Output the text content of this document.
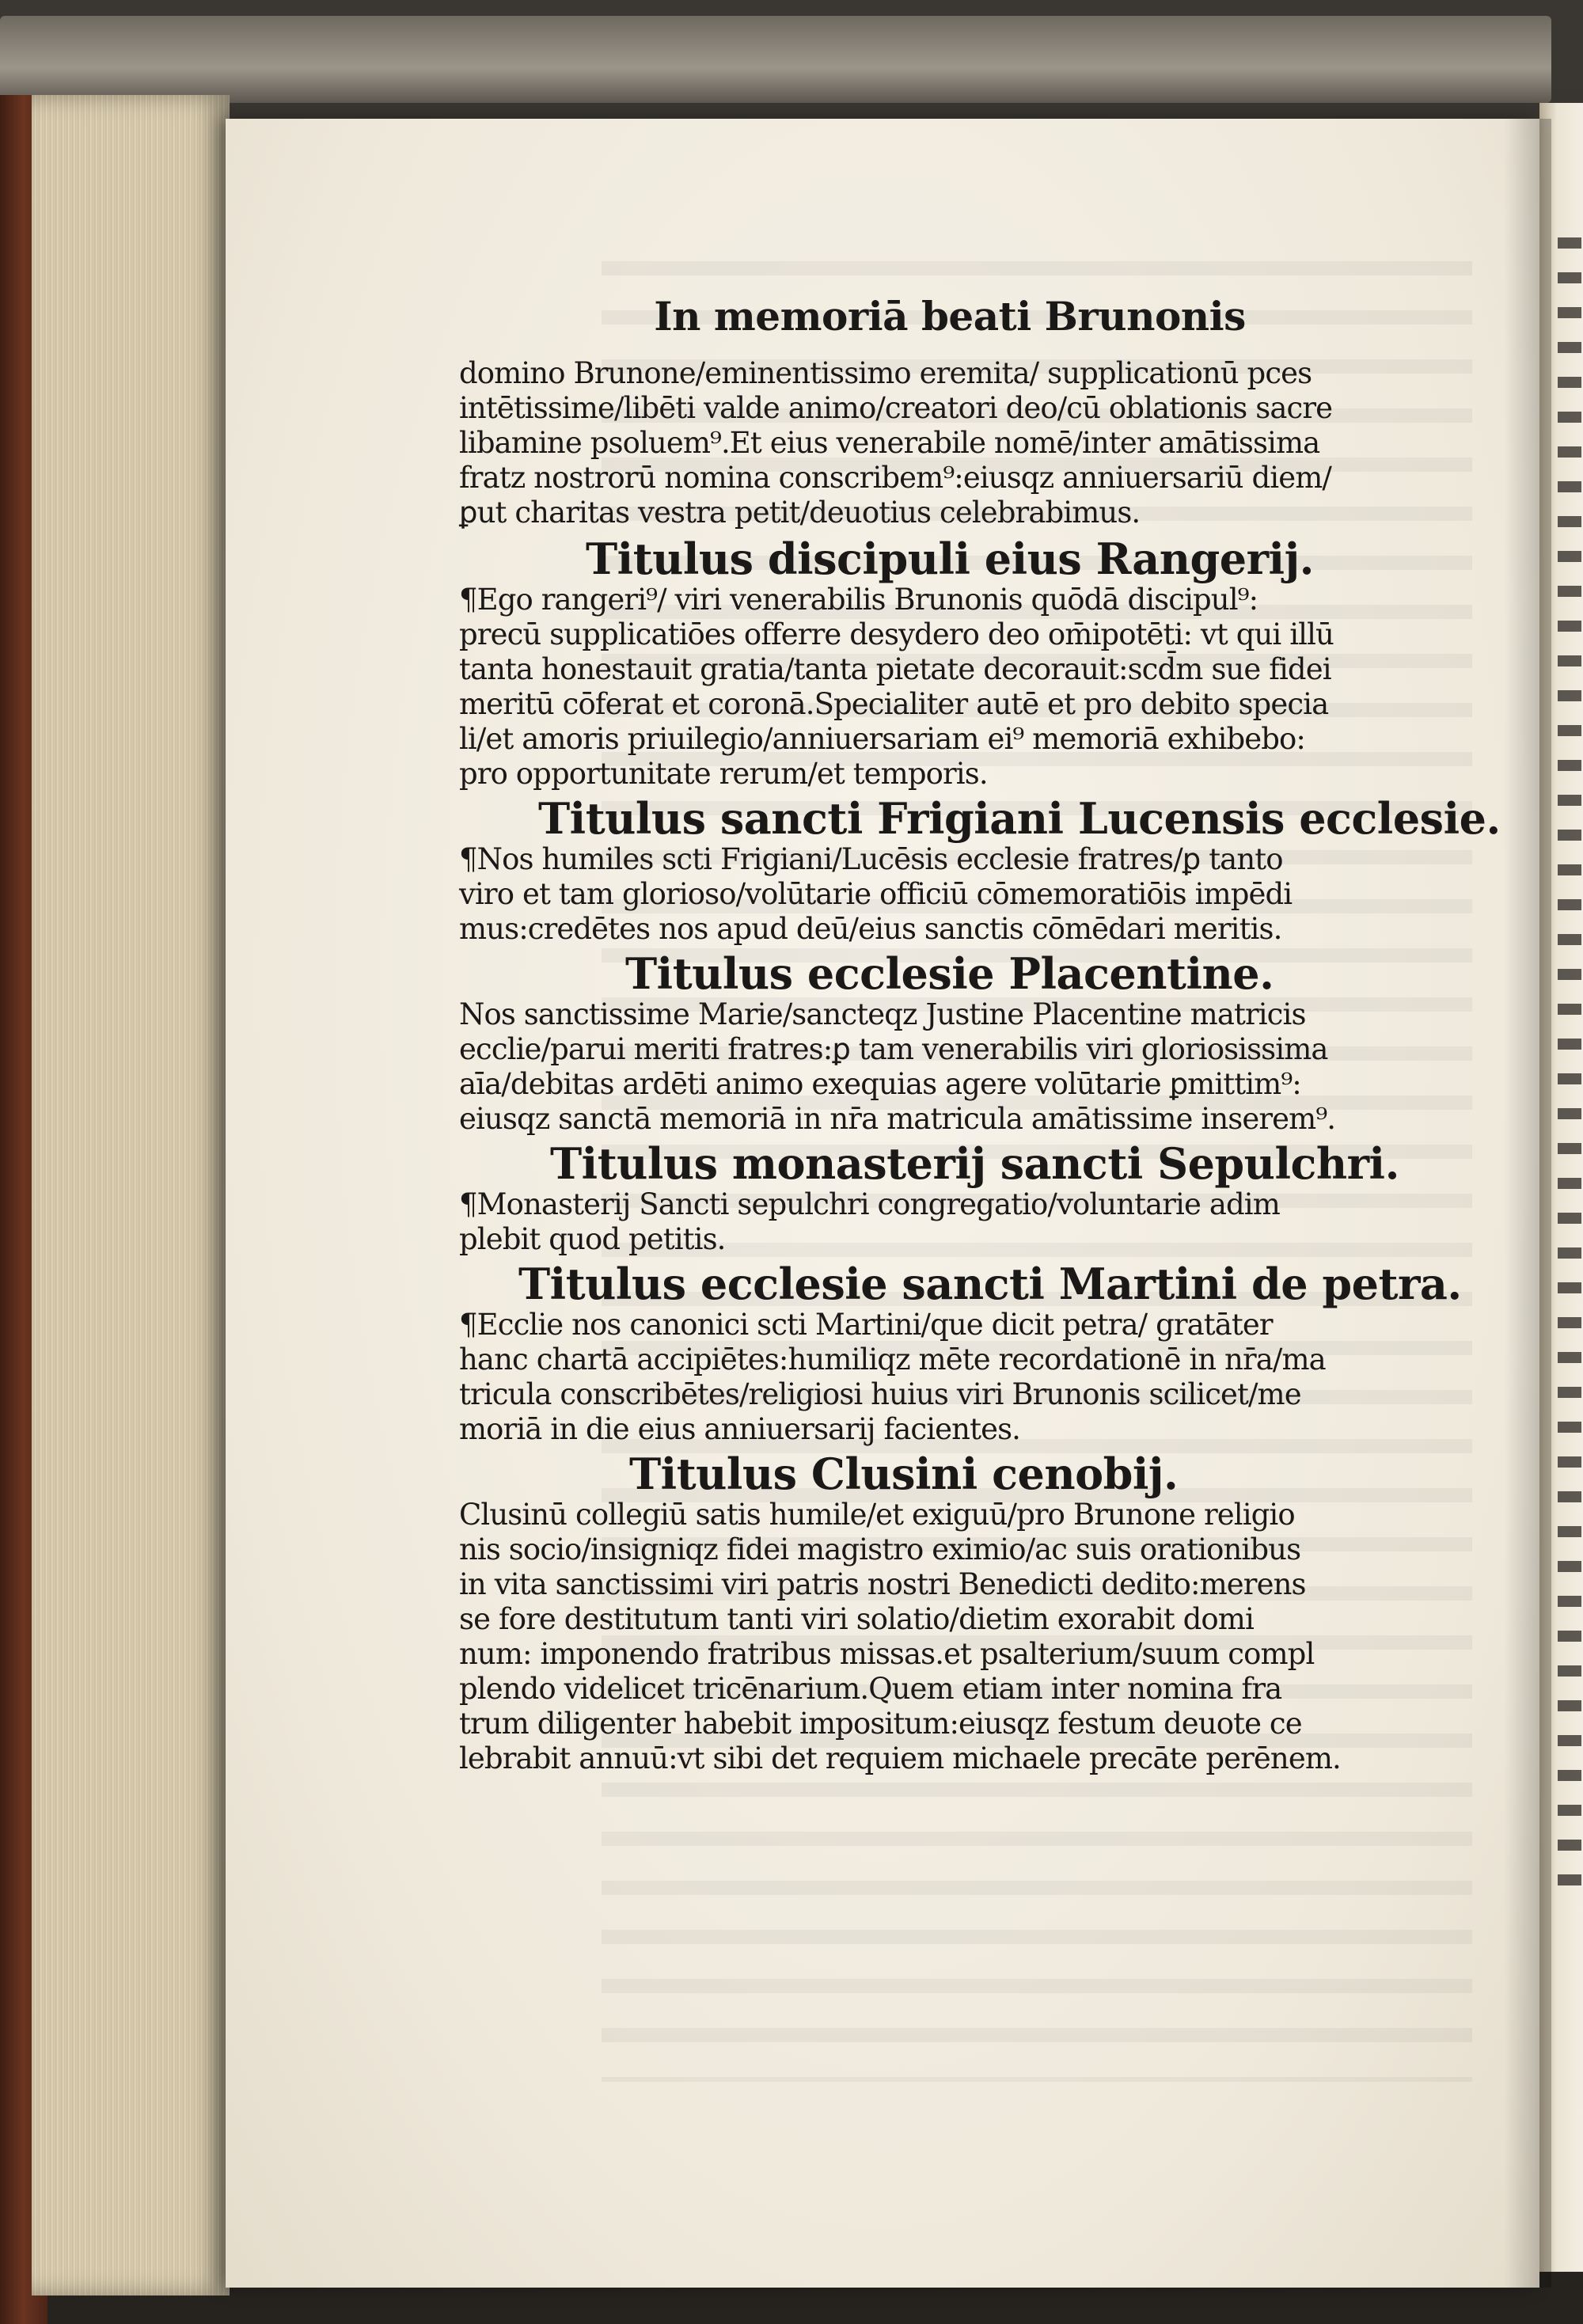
In memoriā beati Brunonis
domino Brunone/eminentissimo eremita/ supplicationū pces
intētissime/libēti valde animo/creatori deo/cū oblationis sacre
libamine psoluem⁹.Et eius venerabile nomē/inter amātissima
fratz nostrorū nomina conscribem⁹:eiusqz anniuersariū diem/
ꝑut charitas vestra petit/deuotius celebrabimus.
Titulus discipuli eius Rangerij.
¶Ego rangeri⁹/ viri venerabilis Brunonis quōdā discipul⁹:
precū supplicatiōes offerre desydero deo om̄ipotēti: vt qui illū
tanta honestauit gratia/tanta pietate decorauit:scd̄m sue fidei
meritū cōferat et coronā.Specialiter autē et pro debito specia
li/et amoris priuilegio/anniuersariam ei⁹ memoriā exhibebo:
pro opportunitate rerum/et temporis.
Titulus sancti Frigiani Lucensis ecclesie.
¶Nos humiles scti Frigiani/Lucēsis ecclesie fratres/ꝑ tanto
viro et tam glorioso/volūtarie officiū cōmemoratiōis impēdi
mus:credētes nos apud deū/eius sanctis cōmēdari meritis.
Titulus ecclesie Placentine.
Nos sanctissime Marie/sancteqz Justine Placentine matricis
ecclie/parui meriti fratres:ꝑ tam venerabilis viri gloriosissima
aīa/debitas ardēti animo exequias agere volūtarie ꝑmittim⁹:
eiusqz sanctā memoriā in nr̄a matricula amātissime inserem⁹.
Titulus monasterij sancti Sepulchri.
¶Monasterij Sancti sepulchri congregatio/voluntarie adim
plebit quod petitis.
Titulus ecclesie sancti Martini de petra.
¶Ecclie nos canonici scti Martini/que dicit petra/ gratāter
hanc chartā accipiētes:humiliqz mēte recordationē in nr̄a/ma
tricula conscribētes/religiosi huius viri Brunonis scilicet/me
moriā in die eius anniuersarij facientes.
Titulus Clusini cenobij.
Clusinū collegiū satis humile/et exiguū/pro Brunone religio
nis socio/insigniqz fidei magistro eximio/ac suis orationibus
in vita sanctissimi viri patris nostri Benedicti dedito:merens
se fore destitutum tanti viri solatio/dietim exorabit domi
num: imponendo fratribus missas.et psalterium/suum compl
plendo videlicet tricēnarium.Quem etiam inter nomina fra
trum diligenter habebit impositum:eiusqz festum deuote ce
lebrabit annuū:vt sibi det requiem michaele precāte perēnem.
